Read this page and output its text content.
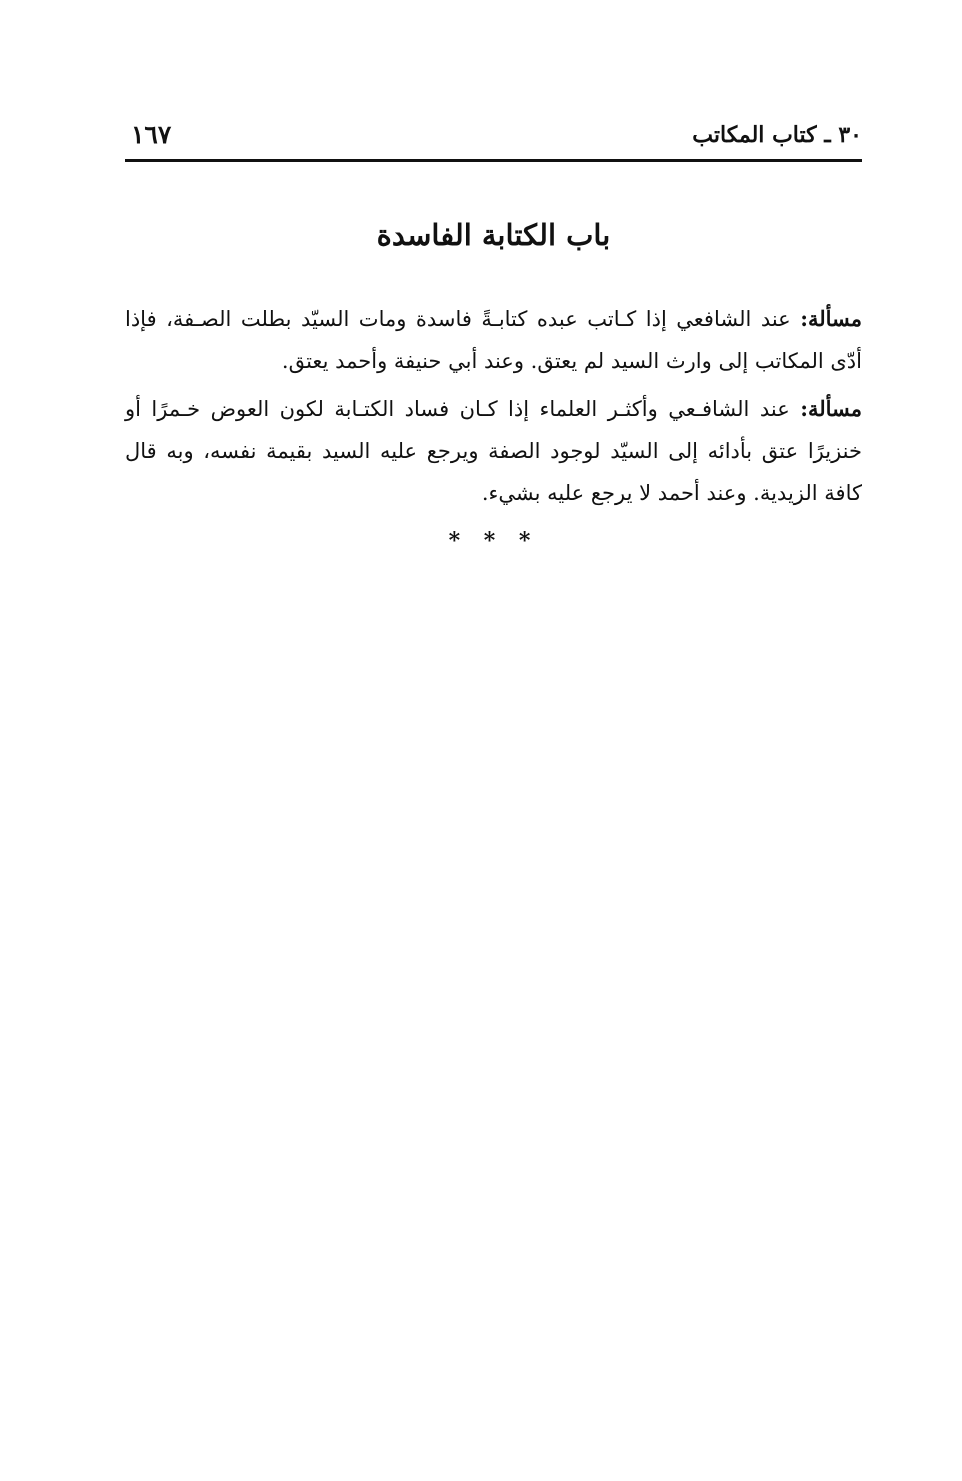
٣٠ ـ كتاب المكاتب
١٦٧
باب الكتابة الفاسدة

مسألة: عند الشافعي إذا كـاتب عبده كتابـةً فاسدة ومات السيّد بطلت الصـفة، فإذا أدّى المكاتب إلى وارث السيد لم يعتق. وعند أبي حنيفة وأحمد يعتق.

مسألة: عند الشافـعي وأكثـر العلماء إذا كـان فساد الكتـابة لكون العوض خـمرًا أو خنزيرًا عتق بأدائه إلى السيّد لوجود الصفة ويرجع عليه السيد بقيمة نفسه، وبه قال كافة الزيدية. وعند أحمد لا يرجع عليه بشيء.

* * *
